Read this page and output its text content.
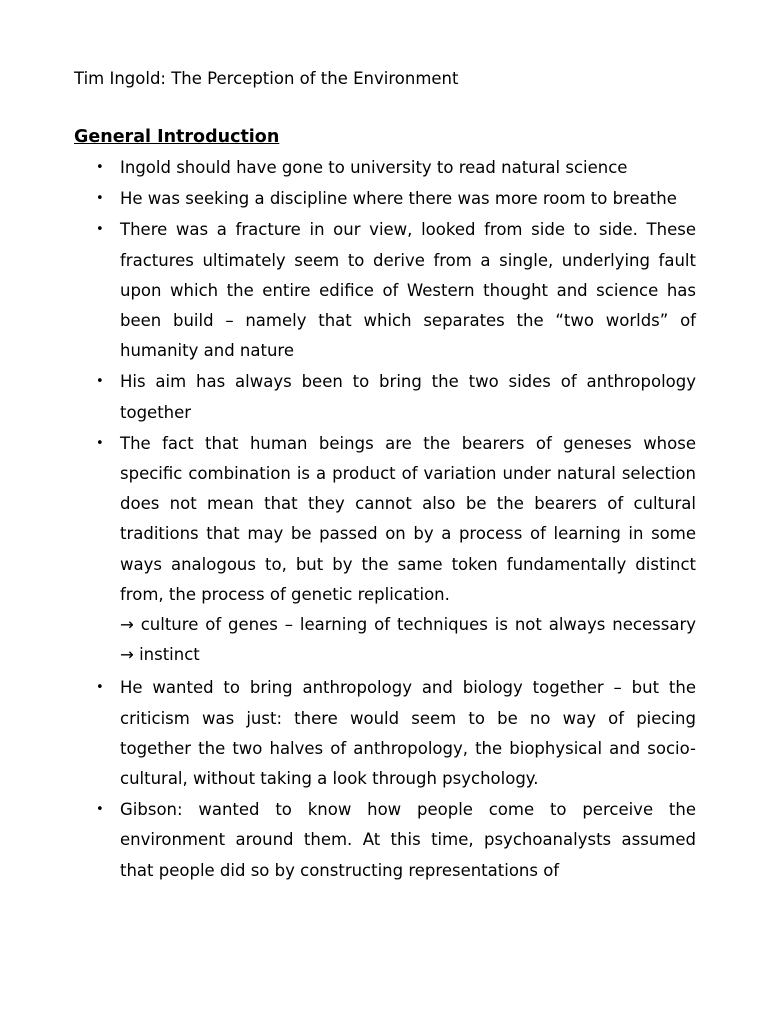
Tim Ingold: The Perception of the Environment
General Introduction
• Ingold should have gone to university to read natural science
• He was seeking a discipline where there was more room to breathe
• There was a fracture in our view, looked from side to side. These fractures ultimately seem to derive from a single, underlying fault upon which the entire edifice of Western thought and science has been build – namely that which separates the “two worlds” of humanity and nature
• His aim has always been to bring the two sides of anthropology together
• The fact that human beings are the bearers of geneses whose specific combination is a product of variation under natural selection does not mean that they cannot also be the bearers of cultural traditions that may be passed on by a process of learning in some ways analogous to, but by the same token fundamentally distinct from, the process of genetic replication.
→ culture of genes – learning of techniques is not always necessary → instinct
• He wanted to bring anthropology and biology together – but the criticism was just: there would seem to be no way of piecing together the two halves of anthropology, the biophysical and socio-cultural, without taking a look through psychology.
• Gibson: wanted to know how people come to perceive the environment around them. At this time, psychoanalysts assumed that people did so by constructing representations of
